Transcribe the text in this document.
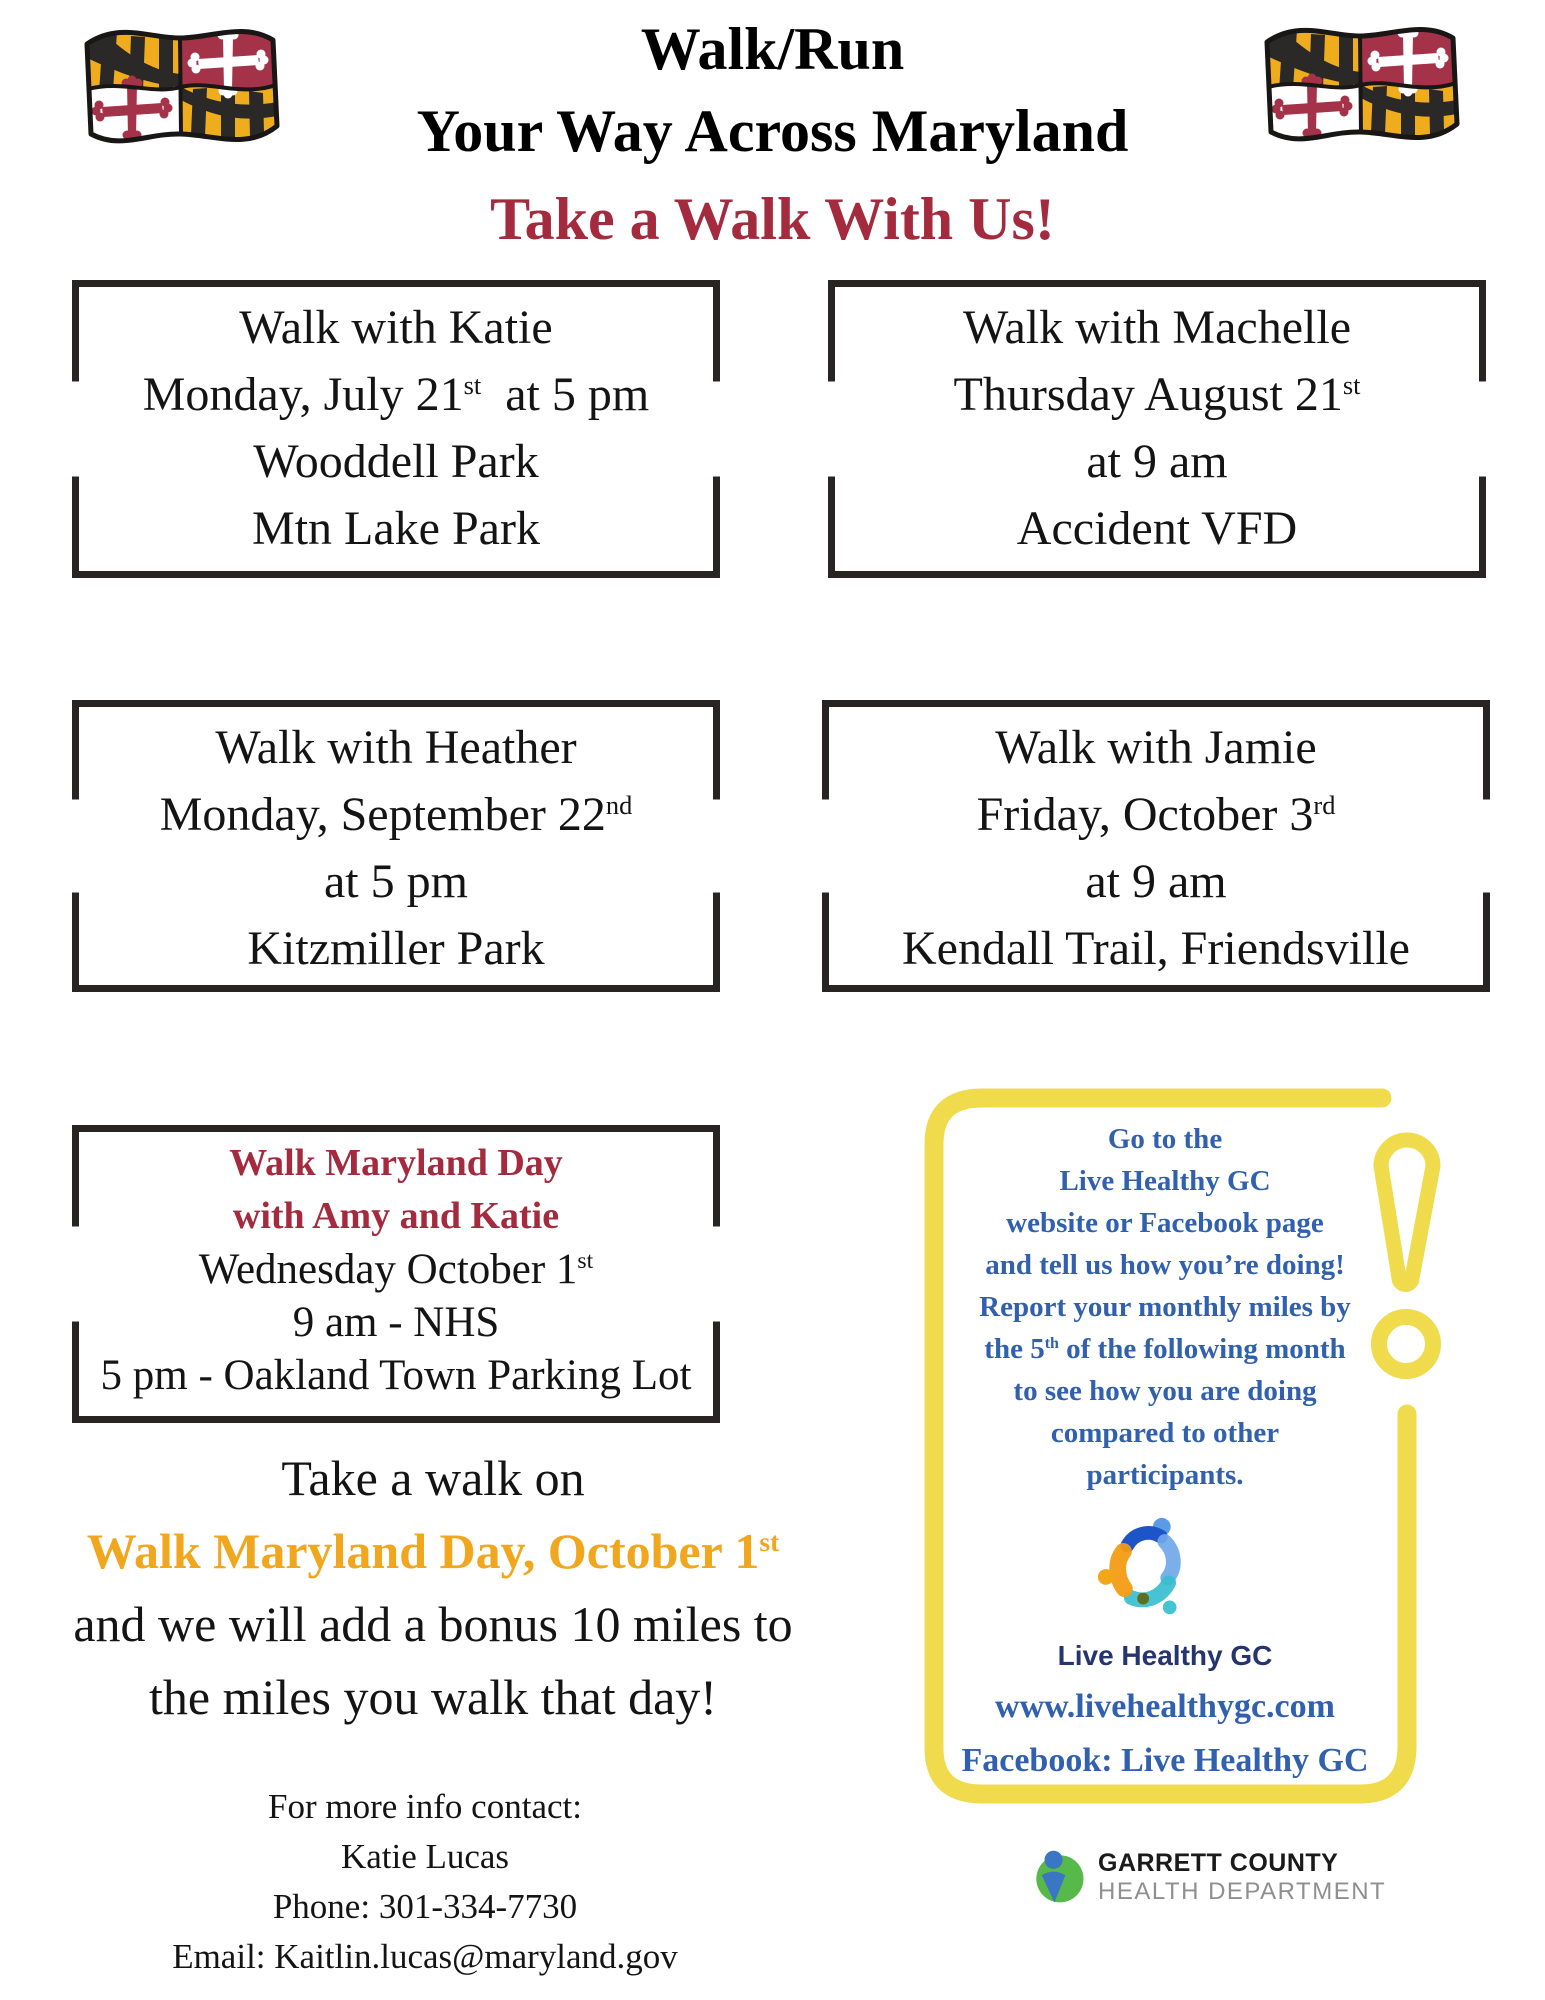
Walk/Run
Your Way Across Maryland
Take a Walk With Us!
Walk with Katie
Monday, July 21st at 5 pm
Wooddell Park
Mtn Lake Park
Walk with Machelle
Thursday August 21st
at 9 am
Accident VFD
Walk with Heather
Monday, September 22nd
at 5 pm
Kitzmiller Park
Walk with Jamie
Friday, October 3rd
at 9 am
Kendall Trail, Friendsville
Walk Maryland Day
with Amy and Katie
Wednesday October 1st
9 am - NHS
5 pm - Oakland Town Parking Lot
Take a walk on
Walk Maryland Day, October 1st
and we will add a bonus 10 miles to
the miles you walk that day!
For more info contact:
Katie Lucas
Phone: 301-334-7730
Email: Kaitlin.lucas@maryland.gov
Go to the
Live Healthy GC
website or Facebook page
and tell us how you’re doing!
Report your monthly miles by
the 5th of the following month
to see how you are doing
compared to other
participants.
Live Healthy GC
www.livehealthygc.com
Facebook: Live Healthy GC
GARRETT COUNTY
HEALTH DEPARTMENT
